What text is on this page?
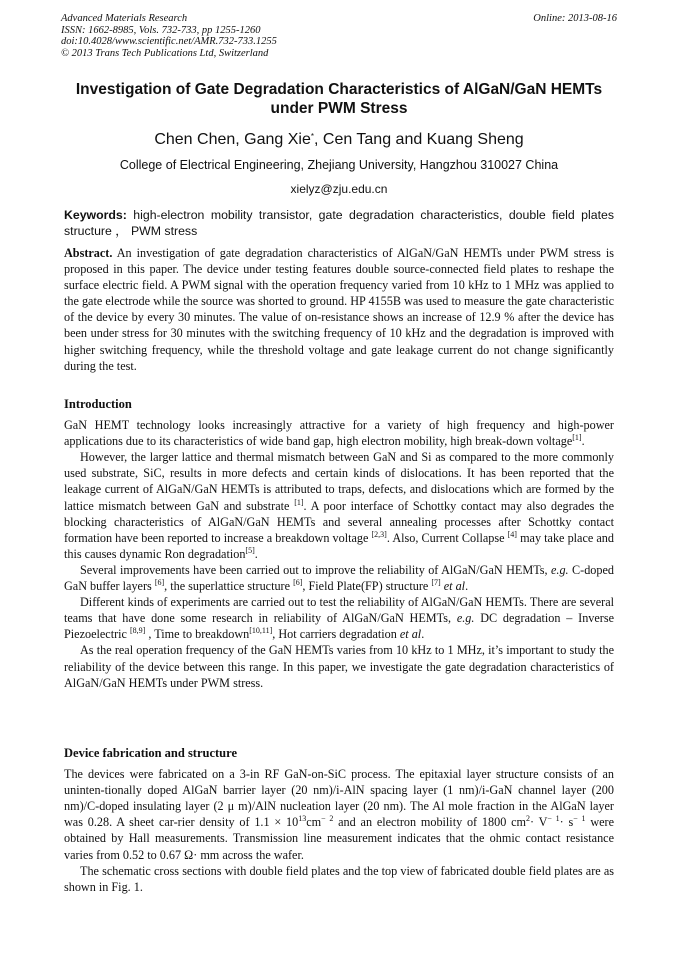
Advanced Materials Research
ISSN: 1662-8985, Vols. 732-733, pp 1255-1260
doi:10.4028/www.scientific.net/AMR.732-733.1255
© 2013 Trans Tech Publications Ltd, Switzerland
Online: 2013-08-16
Investigation of Gate Degradation Characteristics of AlGaN/GaN HEMTs
under PWM Stress
Chen Chen, Gang Xie*, Cen Tang and Kuang Sheng
College of Electrical Engineering, Zhejiang University, Hangzhou 310027 China
xielyz@zju.edu.cn
Keywords: high-electron mobility transistor, gate degradation characteristics, double field plates structure ， PWM stress

Abstract. An investigation of gate degradation characteristics of AlGaN/GaN HEMTs under PWM stress is proposed in this paper. The device under testing features double source-connected field plates to reshape the surface electric field. A PWM signal with the operation frequency varied from 10 kHz to 1 MHz was applied to the gate electrode while the source was shorted to ground. HP 4155B was used to measure the gate characteristic of the device by every 30 minutes. The value of on-resistance shows an increase of 12.9 % after the device has been under stress for 30 minutes with the switching frequency of 10 kHz and the degradation is improved with higher switching frequency, while the threshold voltage and gate leakage current do not change significantly during the test.

Introduction

GaN HEMT technology looks increasingly attractive for a variety of high frequency and high-power applications due to its characteristics of wide band gap, high electron mobility, high break-down voltage[1].

However, the larger lattice and thermal mismatch between GaN and Si as compared to the more commonly used substrate, SiC, results in more defects and certain kinds of dislocations. It has been reported that the leakage current of AlGaN/GaN HEMTs is attributed to traps, defects, and dislocations which are formed by the lattice mismatch between GaN and substrate [1]. A poor interface of Schottky contact may also degrades the blocking characteristics of AlGaN/GaN HEMTs and several annealing processes after Schottky contact formation have been reported to increase a breakdown voltage [2,3]. Also, Current Collapse [4] may take place and this causes dynamic Ron degradation[5].

Several improvements have been carried out to improve the reliability of AlGaN/GaN HEMTs, e.g. C-doped GaN buffer layers [6], the superlattice structure [6], Field Plate(FP) structure [7] et al.

Different kinds of experiments are carried out to test the reliability of AlGaN/GaN HEMTs. There are several teams that have done some research in reliability of AlGaN/GaN HEMTs, e.g. DC degradation – Inverse Piezoelectric [8,9] , Time to breakdown[10,11], Hot carriers degradation et al.

As the real operation frequency of the GaN HEMTs varies from 10 kHz to 1 MHz, it’s important to study the reliability of the device between this range. In this paper, we investigate the gate degradation characteristics of AlGaN/GaN HEMTs under PWM stress.

Device fabrication and structure

The devices were fabricated on a 3-in RF GaN-on-SiC process. The epitaxial layer structure consists of an uninten-tionally doped AlGaN barrier layer (20 nm)/i-AlN spacing layer (1 nm)/i-GaN channel layer (200 nm)/C-doped insulating layer (2 μ m)/AlN nucleation layer (20 nm). The Al mole fraction in the AlGaN layer was 0.28. A sheet car-rier density of $1.1 \times 10^{13}cm^{- 2}$ and an electron mobility of 1800 $cm^2\cdot V^{- 1}\cdot s^{- 1}$ were obtained by Hall measurements. Transmission line measurement indicates that the ohmic contact resistance varies from 0.52 to 0.67 Ω· mm across the wafer.

The schematic cross sections with double field plates and the top view of fabricated double field plates are as shown in Fig. 1.
